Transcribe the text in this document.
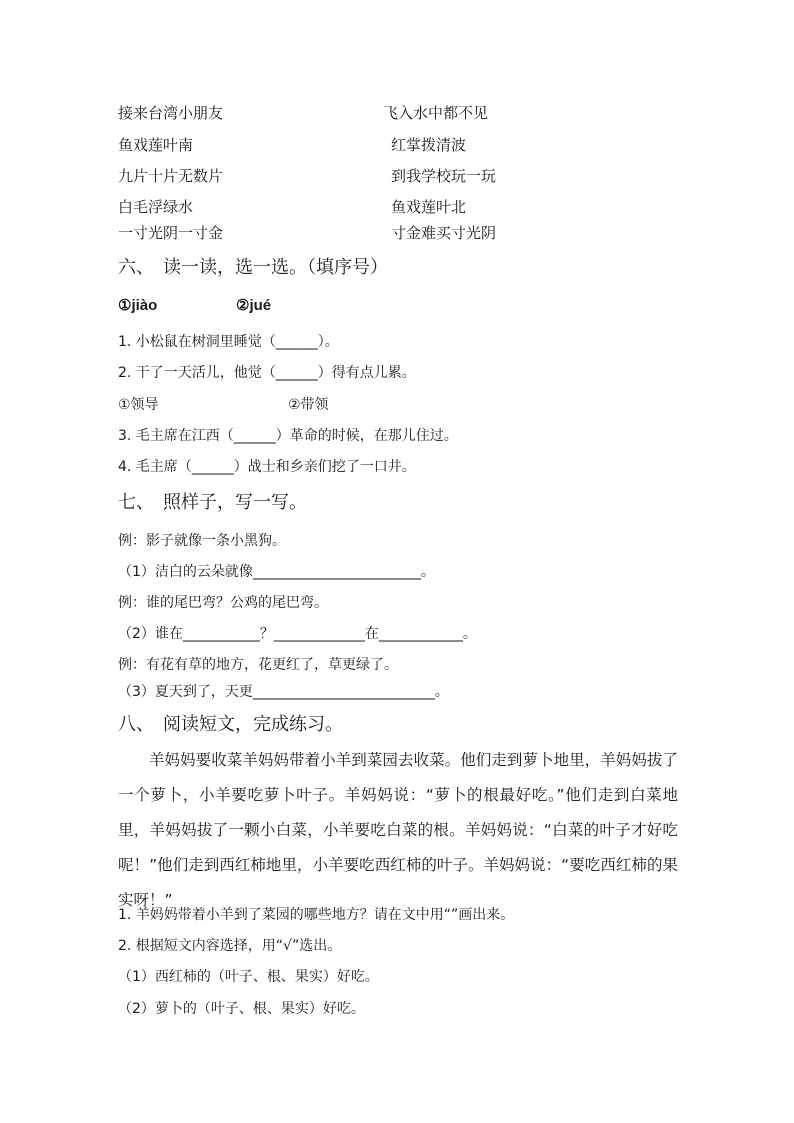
接来台湾小朋友	飞入水中都不见
鱼戏莲叶南	红掌拨清波
九片十片无数片	到我学校玩一玩
白毛浮绿水	鱼戏莲叶北
一寸光阴一寸金	寸金难买寸光阴
六、　读一读，选一选。（填序号）
①jiào	②jué
1. 小松鼠在树洞里睡觉（______）。
2. 干了一天活儿，他觉（______）得有点儿累。
①领导	②带领
3. 毛主席在江西（______）革命的时候，在那儿住过。
4. 毛主席（______）战士和乡亲们挖了一口井。
七、　照样子，写一写。
例：影子就像一条小黑狗。
（1）洁白的云朵就像________________________。
例：谁的尾巴弯？公鸡的尾巴弯。
（2）谁在___________？_____________在____________。
例：有花有草的地方，花更红了，草更绿了。
（3）夏天到了，天更__________________________。
八、　阅读短文，完成练习。
羊妈妈要收菜羊妈妈带着小羊到菜园去收菜。他们走到萝卜地里，羊妈妈拔了一个萝卜，小羊要吃萝卜叶子。羊妈妈说：“萝卜的根最好吃。”他们走到白菜地里，羊妈妈拔了一颗小白菜，小羊要吃白菜的根。羊妈妈说：“白菜的叶子才好吃呢！”他们走到西红柿地里，小羊要吃西红柿的叶子。羊妈妈说：“要吃西红柿的果实呀！”
1. 羊妈妈带着小羊到了菜园的哪些地方？请在文中用“”画出来。
2. 根据短文内容选择，用“√”选出。
（1）西红柿的（叶子、根、果实）好吃。
（2）萝卜的（叶子、根、果实）好吃。
